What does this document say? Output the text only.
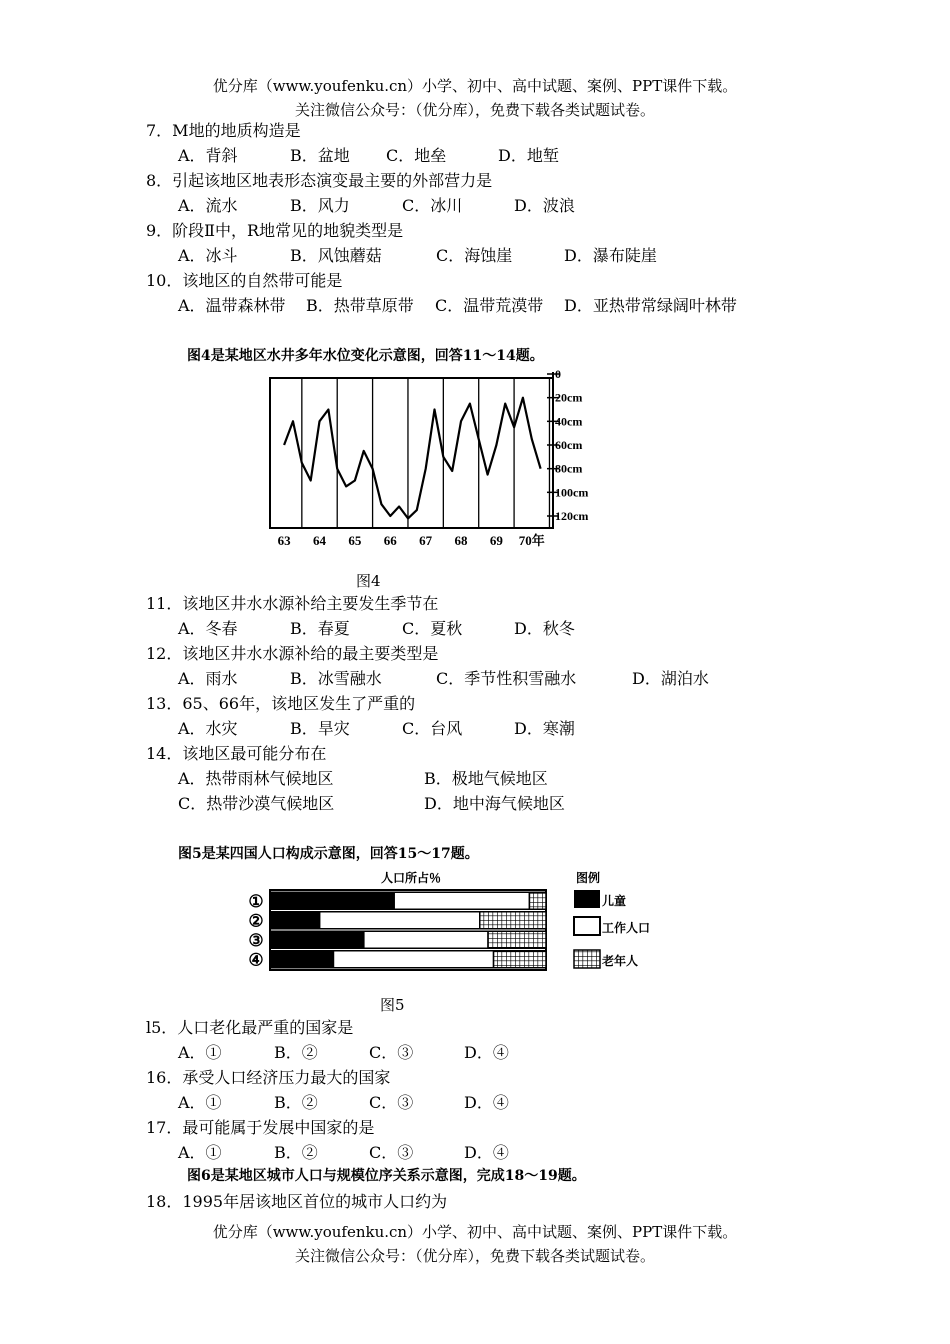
优分库（www.youfenku.cn）小学、初中、高中试题、案例、PPT课件下载。
关注微信公众号：（优分库），免费下载各类试题试卷。
7．M地的地质构造是
A．背斜	B．盆地 C．地垒	D．地堑
8．引起该地区地表形态演变最主要的外部营力是
A．流水	B．风力	C．冰川	D．波浪
9．阶段Ⅱ中，R地常见的地貌类型是
A．冰斗	B．风蚀蘑菇	C．海蚀崖	D．瀑布陡崖
10．该地区的自然带可能是
A．温带森林带 B．热带草原带 C．温带荒漠带 D．亚热带常绿阔叶林带
图4是某地区水井多年水位变化示意图，回答11～14题。
0
20cm
40cm
60cm
80cm
100cm
120cm
63 64 65 66 67 68 69 70年
图4
11．该地区井水水源补给主要发生季节在
A．冬春	B．春夏	C．夏秋	D．秋冬
12．该地区井水水源补给的最主要类型是
A．雨水	B．冰雪融水	C．季节性积雪融水	D．湖泊水
13．65、66年，该地区发生了严重的
A．水灾	B．旱灾	C．台风	D．寒潮
14．该地区最可能分布在
A．热带雨林气候地区	B．极地气候地区
C．热带沙漠气候地区	D．地中海气候地区
图5是某四国人口构成示意图，回答15～17题。
人口所占％
①
②
③
④
图例
儿童
工作人口
老年人
图5
l5．人口老化最严重的国家是
A．①	B．②	C．③	D．④
16．承受人口经济压力最大的国家
A．①	B．②	C．③	D．④
17．最可能属于发展中国家的是
A．①	B．②	C．③	D．④
图6是某地区城市人口与规模位序关系示意图，完成18～19题。
18．1995年居该地区首位的城市人口约为
优分库（www.youfenku.cn）小学、初中、高中试题、案例、PPT课件下载。
关注微信公众号：（优分库），免费下载各类试题试卷。
